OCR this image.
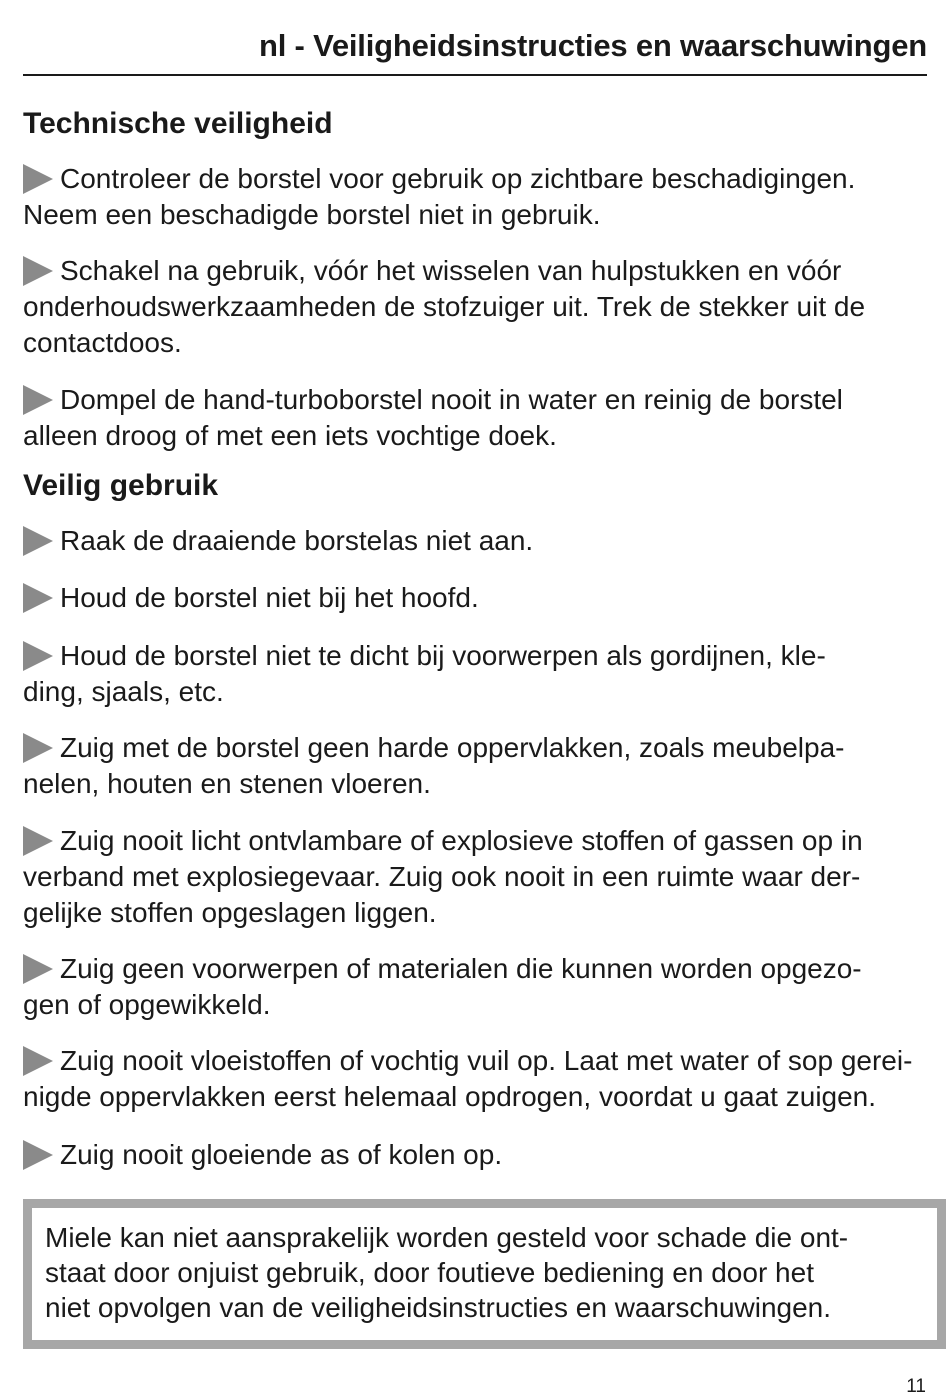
nl - Veiligheidsinstructies en waarschuwingen
Technische veiligheid
Controleer de borstel voor gebruik op zichtbare beschadigingen.
Neem een beschadigde borstel niet in gebruik.
Schakel na gebruik, vóór het wisselen van hulpstukken en vóór
onderhoudswerkzaamheden de stofzuiger uit. Trek de stekker uit de
contactdoos.
Dompel de hand-turboborstel nooit in water en reinig de borstel
alleen droog of met een iets vochtige doek.
Veilig gebruik
Raak de draaiende borstelas niet aan.
Houd de borstel niet bij het hoofd.
Houd de borstel niet te dicht bij voorwerpen als gordijnen, kle-
ding, sjaals, etc.
Zuig met de borstel geen harde oppervlakken, zoals meubelpa-
nelen, houten en stenen vloeren.
Zuig nooit licht ontvlambare of explosieve stoffen of gassen op in
verband met explosiegevaar. Zuig ook nooit in een ruimte waar der-
gelijke stoffen opgeslagen liggen.
Zuig geen voorwerpen of materialen die kunnen worden opgezo-
gen of opgewikkeld.
Zuig nooit vloeistoffen of vochtig vuil op. Laat met water of sop gerei-
nigde oppervlakken eerst helemaal opdrogen, voordat u gaat zuigen.
Zuig nooit gloeiende as of kolen op.
Miele kan niet aansprakelijk worden gesteld voor schade die ont-
staat door onjuist gebruik, door foutieve bediening en door het
niet opvolgen van de veiligheidsinstructies en waarschuwingen.
11
